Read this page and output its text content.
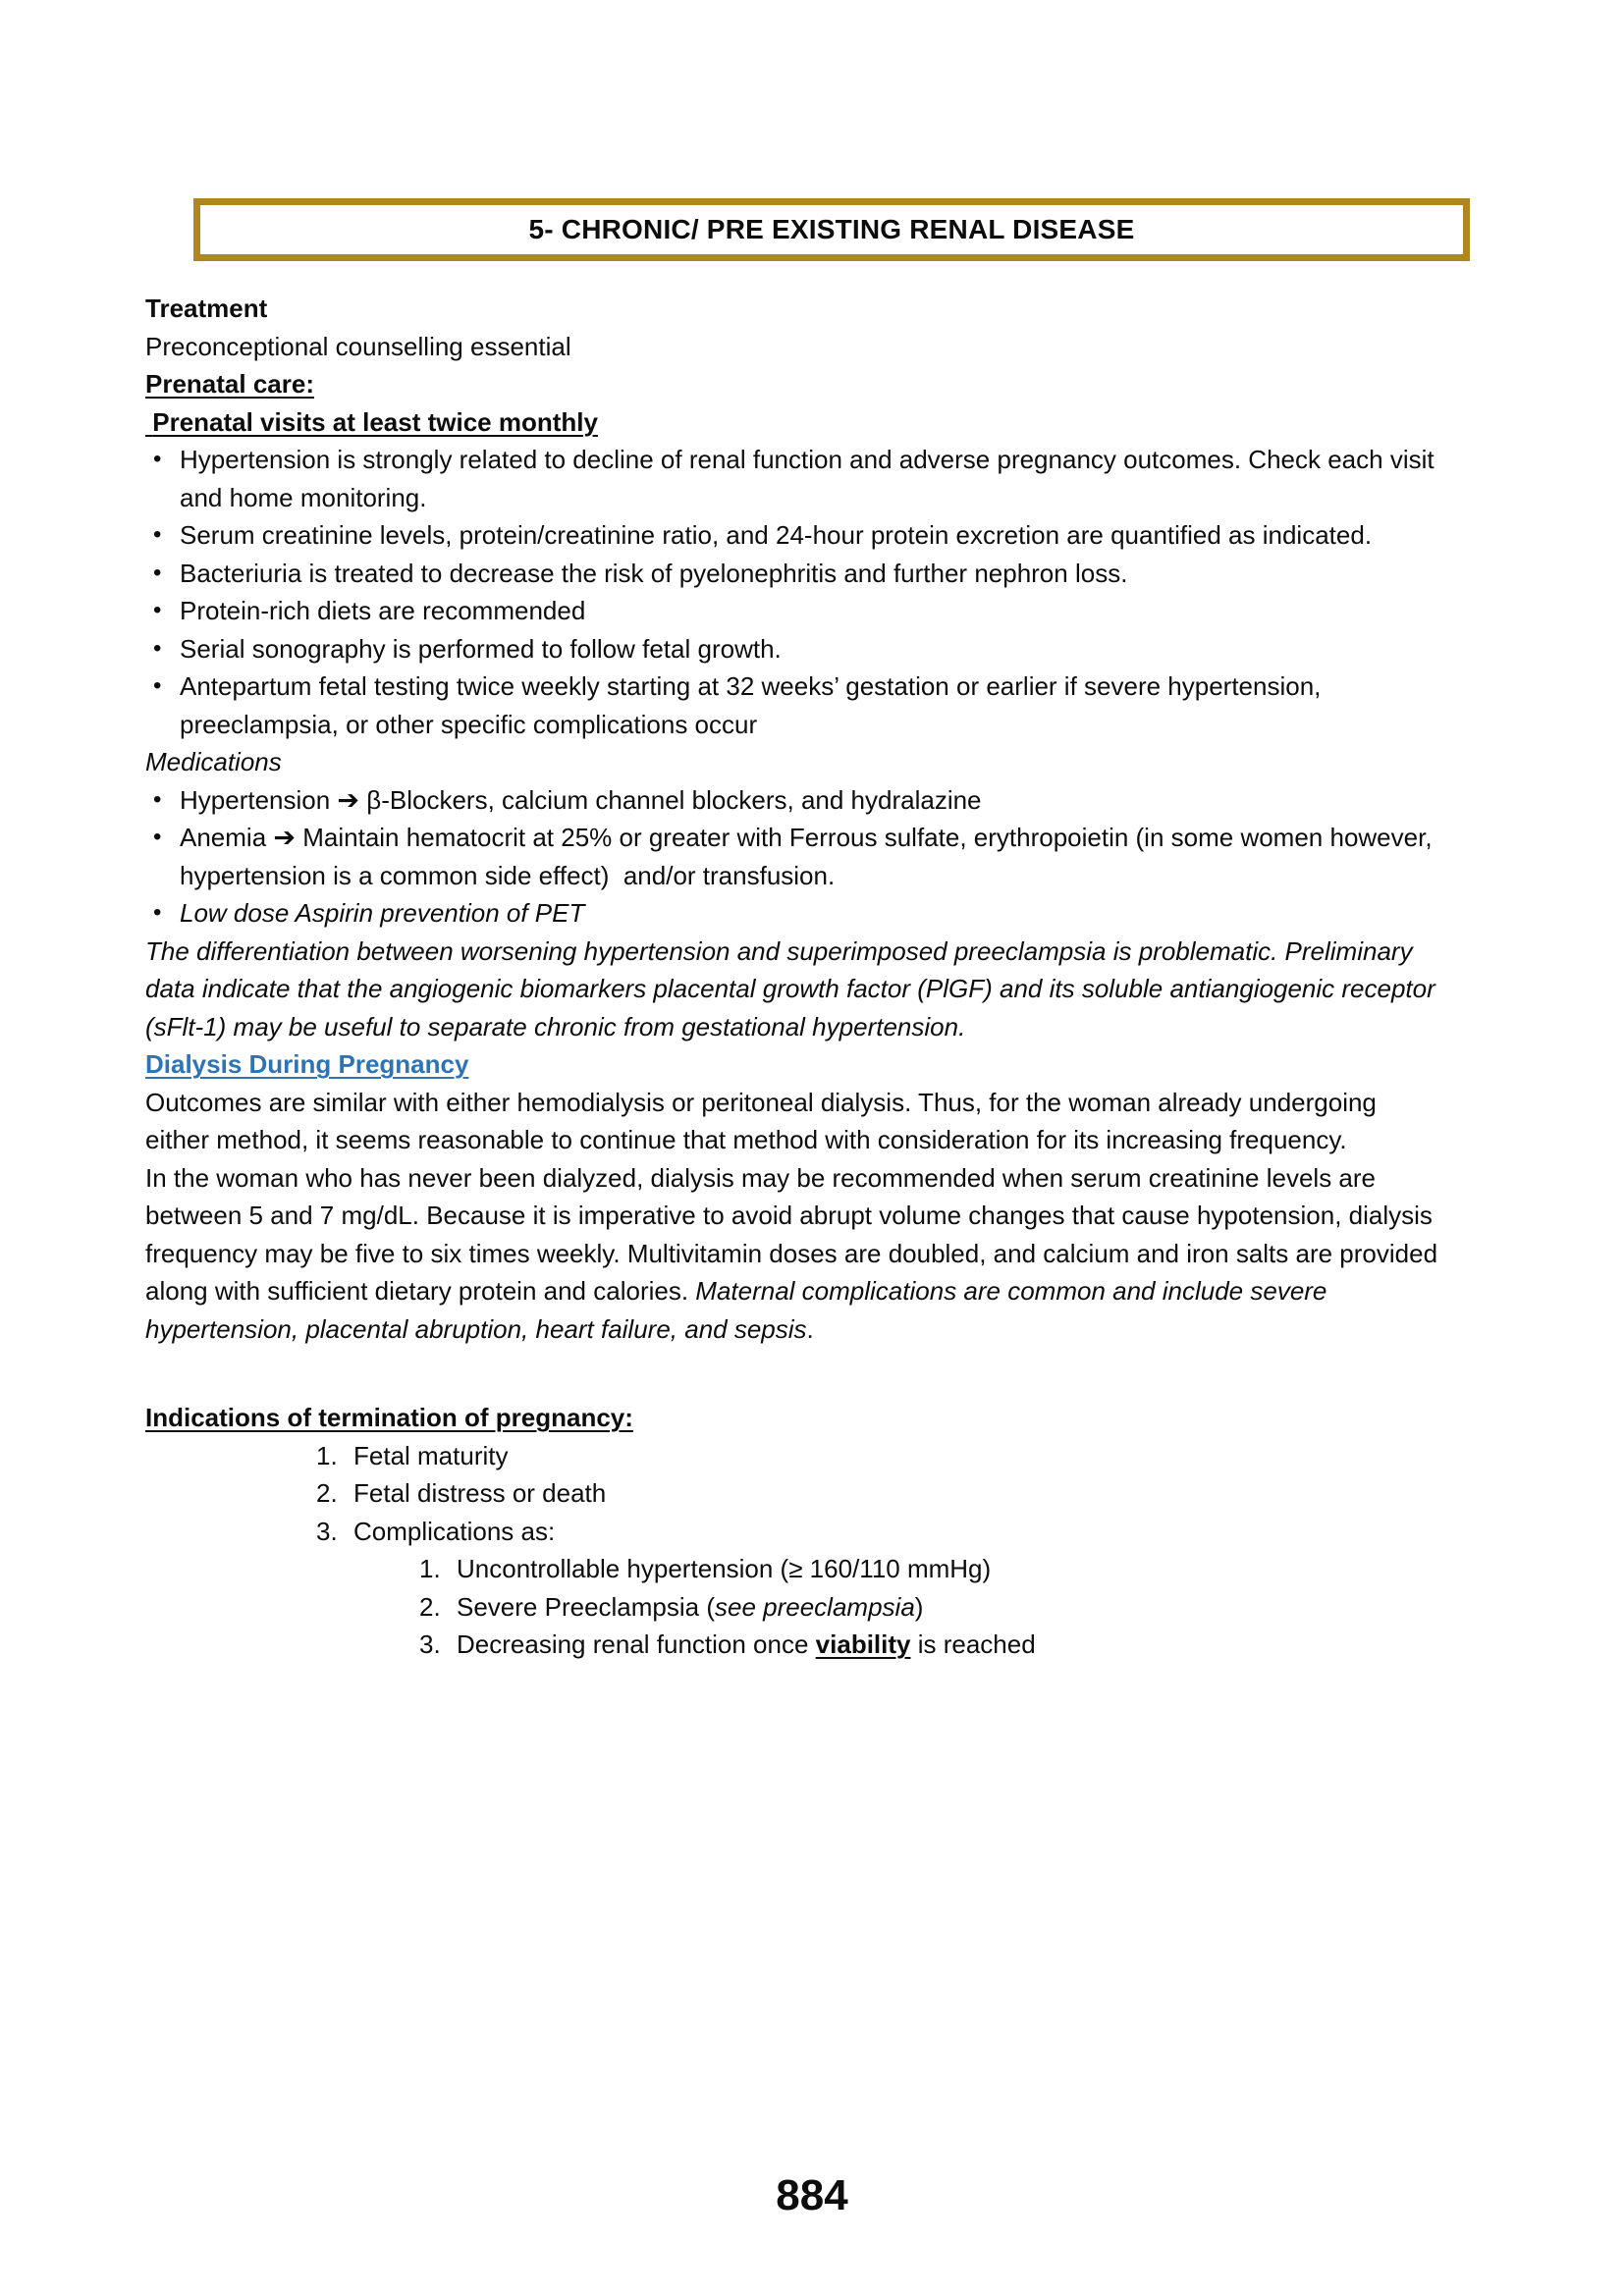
5- CHRONIC/ PRE EXISTING RENAL DISEASE
Treatment
Preconceptional counselling essential
Prenatal care:
Prenatal visits at least twice monthly
• Hypertension is strongly related to decline of renal function and adverse pregnancy outcomes. Check each visit and home monitoring.
• Serum creatinine levels, protein/creatinine ratio, and 24-hour protein excretion are quantified as indicated.
• Bacteriuria is treated to decrease the risk of pyelonephritis and further nephron loss.
• Protein-rich diets are recommended
• Serial sonography is performed to follow fetal growth.
• Antepartum fetal testing twice weekly starting at 32 weeks’ gestation or earlier if severe hypertension, preeclampsia, or other specific complications occur
Medications
• Hypertension ➔ β-Blockers, calcium channel blockers, and hydralazine
• Anemia ➔ Maintain hematocrit at 25% or greater with Ferrous sulfate, erythropoietin (in some women however, hypertension is a common side effect)  and/or transfusion.
• Low dose Aspirin prevention of PET
The differentiation between worsening hypertension and superimposed preeclampsia is problematic. Preliminary data indicate that the angiogenic biomarkers placental growth factor (PlGF) and its soluble antiangiogenic receptor (sFlt-1) may be useful to separate chronic from gestational hypertension.
Dialysis During Pregnancy
Outcomes are similar with either hemodialysis or peritoneal dialysis. Thus, for the woman already undergoing either method, it seems reasonable to continue that method with consideration for its increasing frequency.
In the woman who has never been dialyzed, dialysis may be recommended when serum creatinine levels are between 5 and 7 mg/dL. Because it is imperative to avoid abrupt volume changes that cause hypotension, dialysis frequency may be five to six times weekly. Multivitamin doses are doubled, and calcium and iron salts are provided along with sufficient dietary protein and calories. Maternal complications are common and include severe hypertension, placental abruption, heart failure, and sepsis.
Indications of termination of pregnancy:
1. Fetal maturity
2. Fetal distress or death
3. Complications as:
1. Uncontrollable hypertension (≥ 160/110 mmHg)
2. Severe Preeclampsia (see preeclampsia)
3. Decreasing renal function once viability is reached
884
